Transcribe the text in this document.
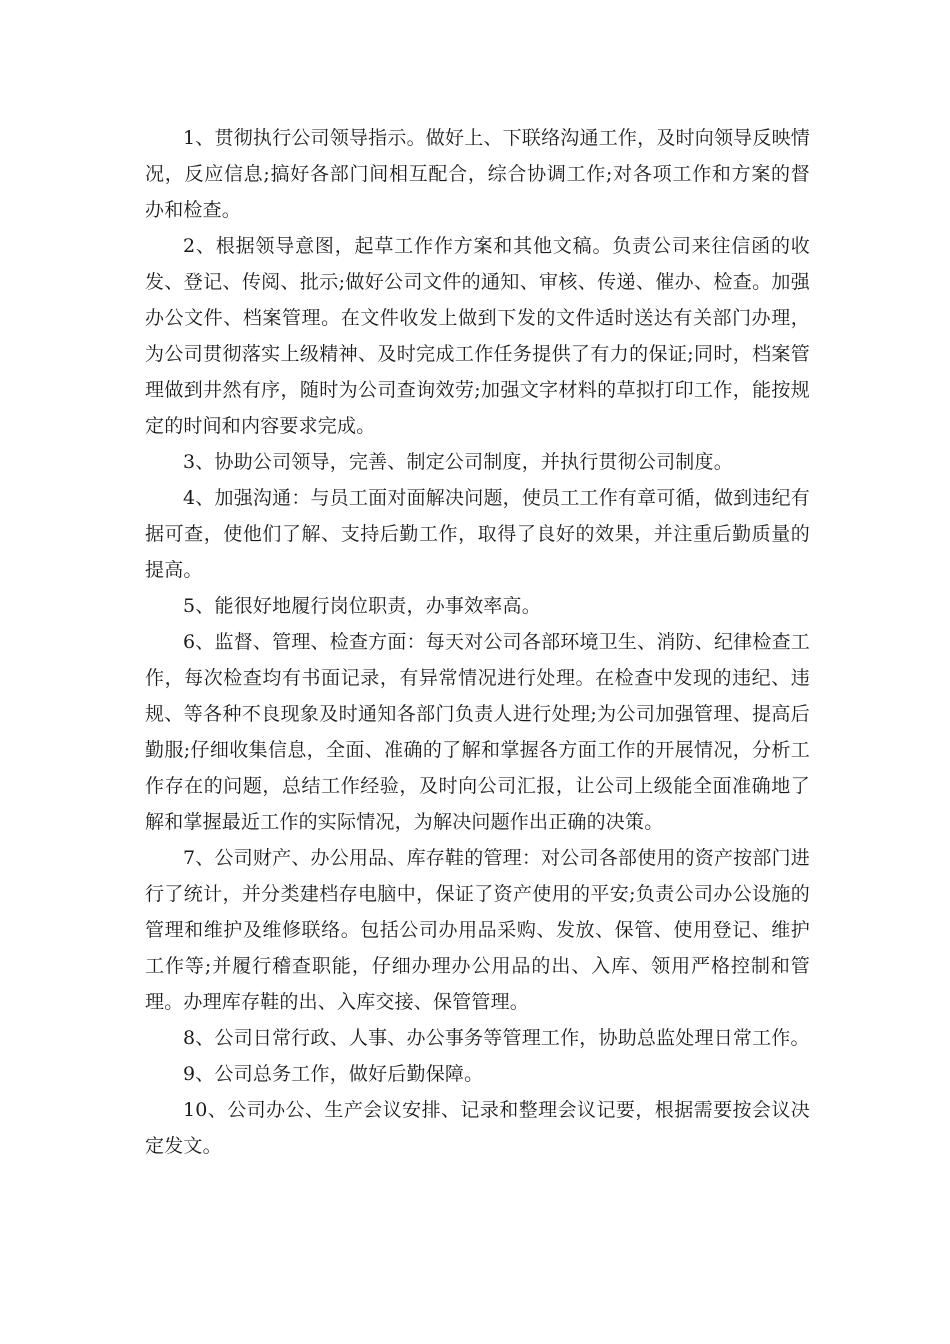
1、贯彻执行公司领导指示。做好上、下联络沟通工作，及时向领导反映情况，反应信息;搞好各部门间相互配合，综合协调工作;对各项工作和方案的督办和检查。

2、根据领导意图，起草工作作方案和其他文稿。负责公司来往信函的收发、登记、传阅、批示;做好公司文件的通知、审核、传递、催办、检查。加强办公文件、档案管理。在文件收发上做到下发的文件适时送达有关部门办理，为公司贯彻落实上级精神、及时完成工作任务提供了有力的保证;同时，档案管理做到井然有序，随时为公司查询效劳;加强文字材料的草拟打印工作，能按规定的时间和内容要求完成。

3、协助公司领导，完善、制定公司制度，并执行贯彻公司制度。

4、加强沟通：与员工面对面解决问题，使员工工作有章可循，做到违纪有据可查，使他们了解、支持后勤工作，取得了良好的效果，并注重后勤质量的提高。

5、能很好地履行岗位职责，办事效率高。

6、监督、管理、检查方面：每天对公司各部环境卫生、消防、纪律检查工作，每次检查均有书面记录，有异常情况进行处理。在检查中发现的违纪、违规、等各种不良现象及时通知各部门负责人进行处理;为公司加强管理、提高后勤服;仔细收集信息，全面、准确的了解和掌握各方面工作的开展情况，分析工作存在的问题，总结工作经验，及时向公司汇报，让公司上级能全面准确地了解和掌握最近工作的实际情况，为解决问题作出正确的决策。

7、公司财产、办公用品、库存鞋的管理：对公司各部使用的资产按部门进行了统计，并分类建档存电脑中，保证了资产使用的平安;负责公司办公设施的管理和维护及维修联络。包括公司办用品采购、发放、保管、使用登记、维护工作等;并履行稽查职能，仔细办理办公用品的出、入库、领用严格控制和管理。办理库存鞋的出、入库交接、保管管理。

8、公司日常行政、人事、办公事务等管理工作，协助总监处理日常工作。

9、公司总务工作，做好后勤保障。

10、公司办公、生产会议安排、记录和整理会议记要，根据需要按会议决定发文。
